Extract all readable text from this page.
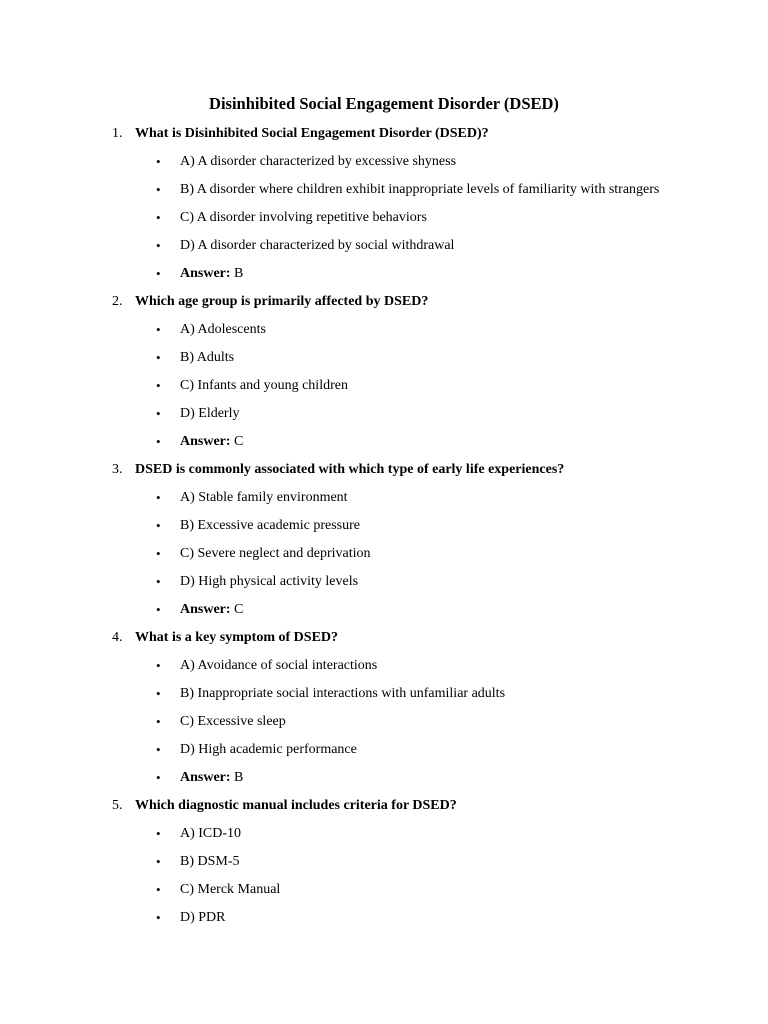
Disinhibited Social Engagement Disorder (DSED)
1. What is Disinhibited Social Engagement Disorder (DSED)?
• A) A disorder characterized by excessive shyness
• B) A disorder where children exhibit inappropriate levels of familiarity with strangers
• C) A disorder involving repetitive behaviors
• D) A disorder characterized by social withdrawal
• Answer: B
2. Which age group is primarily affected by DSED?
• A) Adolescents
• B) Adults
• C) Infants and young children
• D) Elderly
• Answer: C
3. DSED is commonly associated with which type of early life experiences?
• A) Stable family environment
• B) Excessive academic pressure
• C) Severe neglect and deprivation
• D) High physical activity levels
• Answer: C
4. What is a key symptom of DSED?
• A) Avoidance of social interactions
• B) Inappropriate social interactions with unfamiliar adults
• C) Excessive sleep
• D) High academic performance
• Answer: B
5. Which diagnostic manual includes criteria for DSED?
• A) ICD-10
• B) DSM-5
• C) Merck Manual
• D) PDR
